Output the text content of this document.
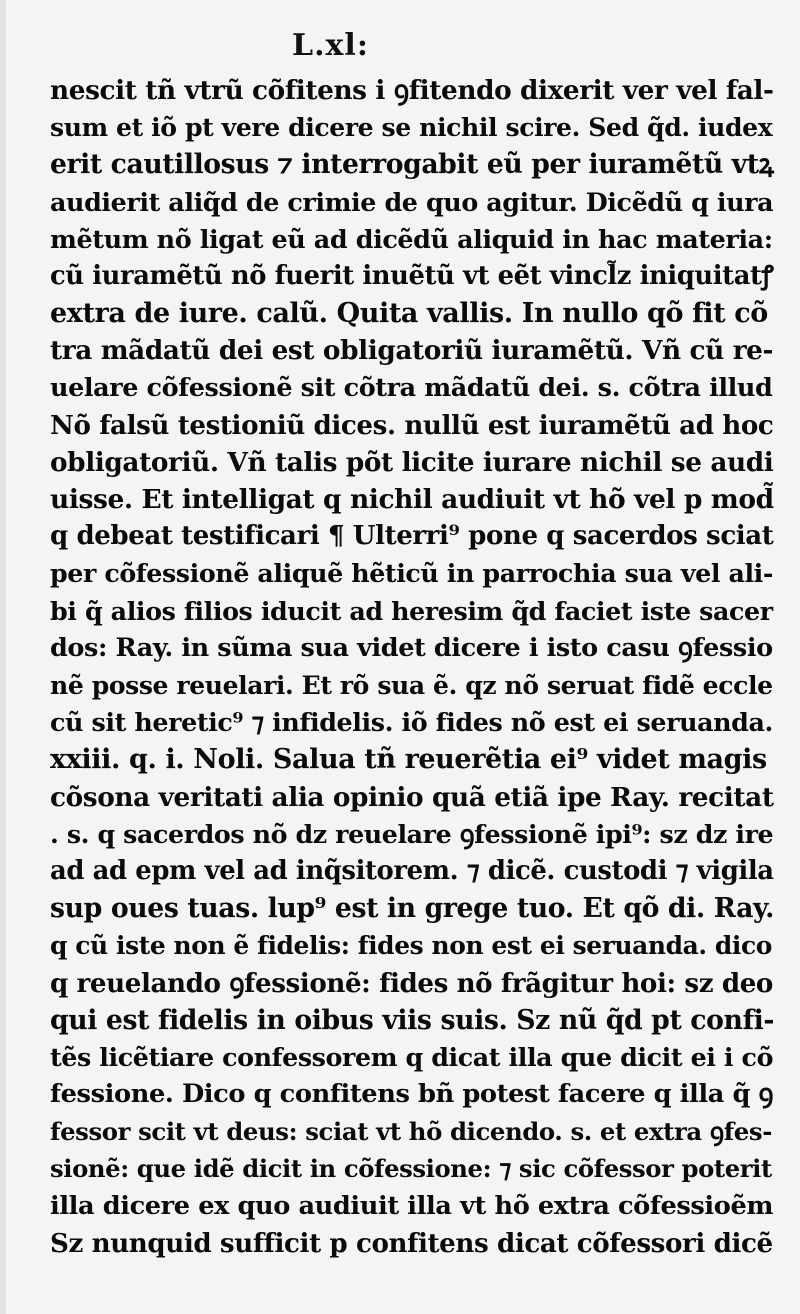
L.xl:
nescit tñ vtrũ cõfitens i ꝯfitendo dixerit ver vel fal-
sum et iõ pt vere dicere se nichil scire. Sed q̃d. iudex
erit cautillosus ⁊ interrogabit eũ per iuramẽtũ vtꝝ
audierit aliq̃d de crimie de quo agitur. Dicẽdũ q iura
mẽtum nõ ligat eũ ad dicẽdũ aliquid in hac materia:
cũ iuramẽtũ nõ fuerit inuẽtũ vt eẽt vincl̃z iniquitatꝭ
extra de iure. calũ. Quita vallis. In nullo qõ fit cõ
tra mãdatũ dei est obligatoriũ iuramẽtũ. Vñ cũ re-
uelare cõfessionẽ sit cõtra mãdatũ dei. s. cõtra illud
Nõ falsũ testioniũ dices. nullũ est iuramẽtũ ad hoc
obligatoriũ. Vñ talis põt licite iurare nichil se audi
uisse. Et intelligat q nichil audiuit vt hõ vel p mod̃
q debeat testificari ¶ Ulterri⁹ pone q sacerdos sciat
per cõfessionẽ aliquẽ hẽticũ in parrochia sua vel ali-
bi q̃ alios filios iducit ad heresim q̃d faciet iste sacer
dos: Ray. in sũma sua videt dicere i isto casu ꝯfessio
nẽ posse reuelari. Et rõ sua ẽ. qz nõ seruat fidẽ eccle
cũ sit heretic⁹ ⁊ infidelis. iõ fides nõ est ei seruanda.
xxiii. q. i. Noli. Salua tñ reuerẽtia ei⁹ videt magis
cõsona veritati alia opinio quã etiã ipe Ray. recitat
. s. q sacerdos nõ dz reuelare ꝯfessionẽ ipi⁹: sz dz ire
ad ad epm vel ad inq̃sitorem. ⁊ dicẽ. custodi ⁊ vigila
sup oues tuas. lup⁹ est in grege tuo. Et qõ di. Ray.
q cũ iste non ẽ fidelis: fides non est ei seruanda. dico
q reuelando ꝯfessionẽ: fides nõ frãgitur hoi: sz deo
qui est fidelis in oibus viis suis. Sz nũ q̃d pt confi-
tẽs licẽtiare confessorem q dicat illa que dicit ei i cõ
fessione. Dico q confitens bñ potest facere q illa q̃ ꝯ
fessor scit vt deus: sciat vt hõ dicendo. s. et extra ꝯfes-
sionẽ: que idẽ dicit in cõfessione: ⁊ sic cõfessor poterit
illa dicere ex quo audiuit illa vt hõ extra cõfessioẽm
Sz nunquid sufficit p confitens dicat cõfessori dicẽ
